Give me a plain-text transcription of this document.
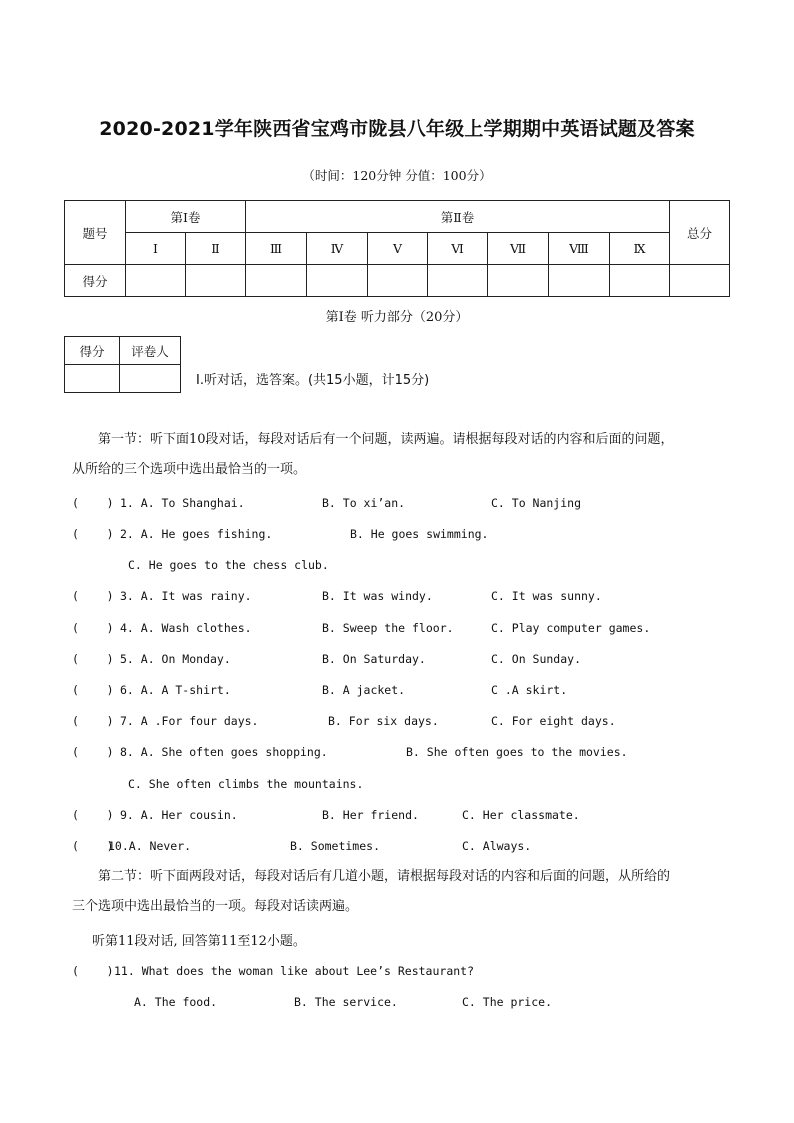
2020-2021学年陕西省宝鸡市陇县八年级上学期期中英语试题及答案
（时间：120分钟 分值：100分）
题号	第Ⅰ卷		第Ⅱ卷							总分
	Ⅰ	Ⅱ	Ⅲ	Ⅳ	Ⅴ	Ⅵ	Ⅶ	Ⅷ	Ⅸ	
得分										
第Ⅰ卷 听力部分（20分）
得分	评卷人

I.听对话，选答案。(共15小题，计15分)
第一节：听下面10段对话，每段对话后有一个问题，读两遍。请根据每段对话的内容和后面的问题，
从所给的三个选项中选出最恰当的一项。
(    ) 1. A. To Shanghai.	B. To xi’an.	C. To Nanjing
(    ) 2. A. He goes fishing.	B. He goes swimming.
C. He goes to the chess club.
(    ) 3. A. It was rainy.	B. It was windy.	C. It was sunny.
(    ) 4. A. Wash clothes.	B. Sweep the floor.	C. Play computer games.
(    ) 5. A. On Monday.	B. On Saturday.	C. On Sunday.
(    ) 6. A. A T-shirt.	B. A jacket.	C .A skirt.
(    ) 7. A .For four days.	B. For six days.	C. For eight days.
(    ) 8. A. She often goes shopping.	B. She often goes to the movies.
C. She often climbs the mountains.
(    ) 9. A. Her cousin.	B. Her friend.	C. Her classmate.
(    )
10.A. Never.	B. Sometimes.	C. Always.
第二节：听下面两段对话，每段对话后有几道小题，请根据每段对话的内容和后面的问题，从所给的
三个选项中选出最恰当的一项。每段对话读两遍。
听第11段对话, 回答第11至12小题。

(    )

11. What does the woman like about Lee’s Restaurant?

A. The food.

	B. The service.

	C. The price.
